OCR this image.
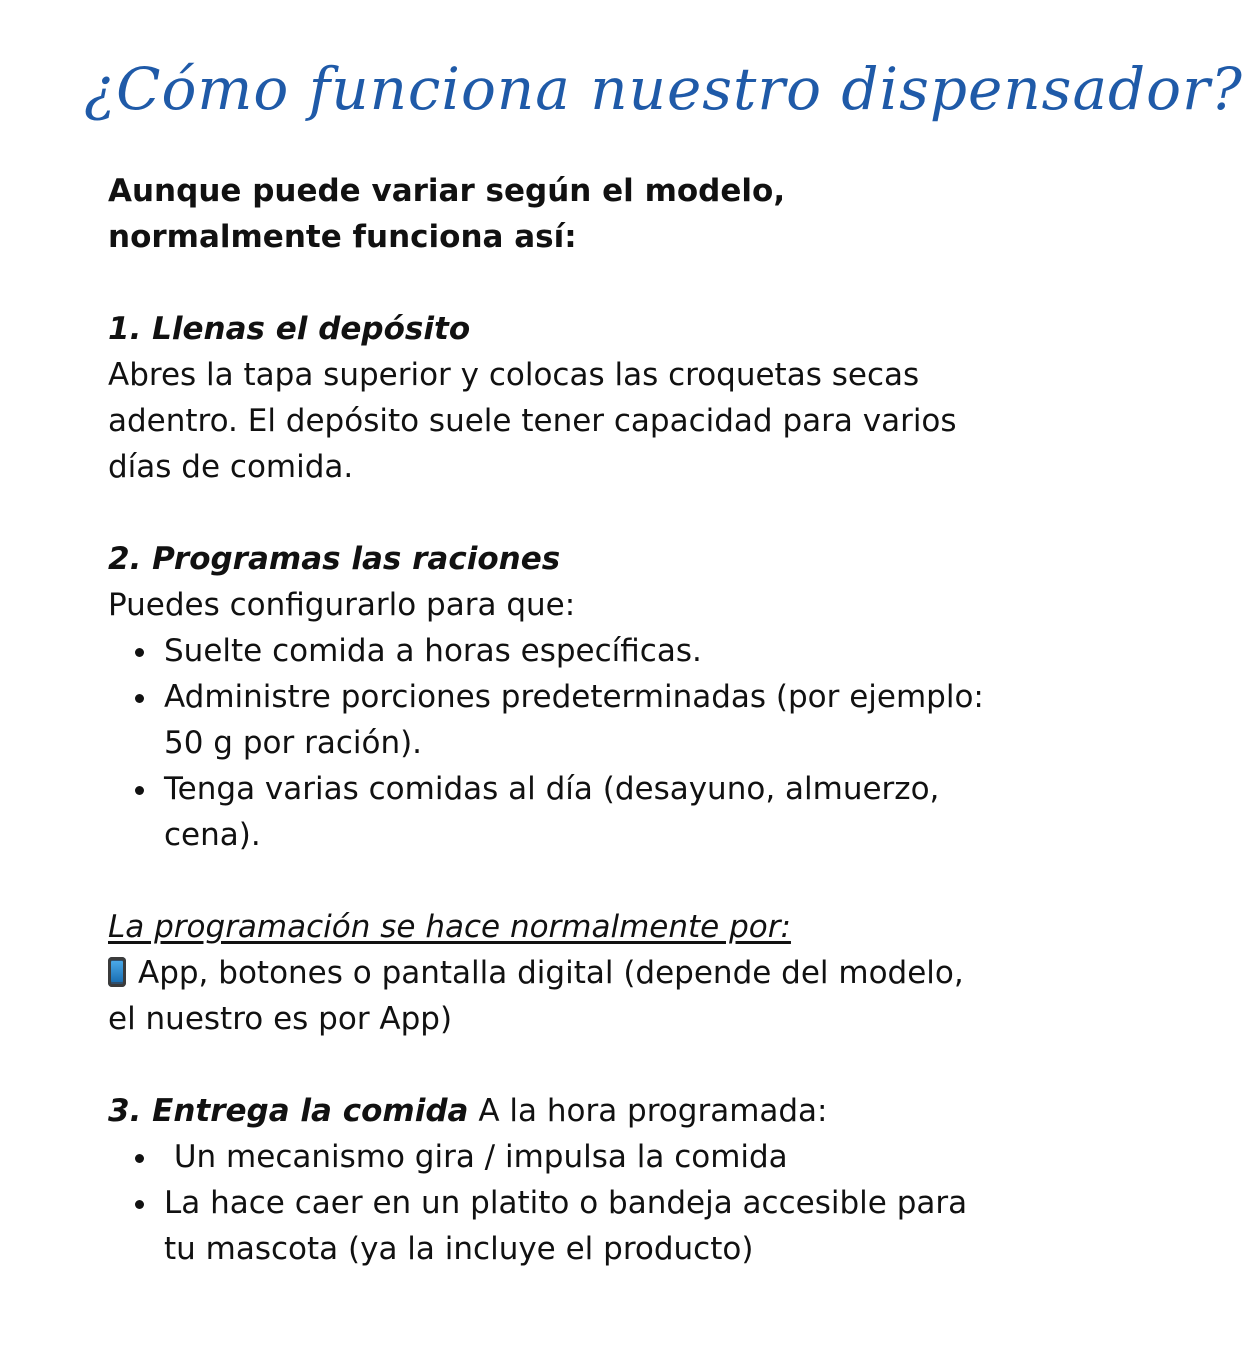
¿Cómo funciona nuestro dispensador?

Aunque puede variar según el modelo,
normalmente funciona así:

1. Llenas el depósito

Abres la tapa superior y colocas las croquetas secas adentro. El depósito suele tener capacidad para varios días de comida.

2. Programas las raciones
Puedes configurarlo para que:
Suelte comida a horas específicas.
Administre porciones predeterminadas (por ejemplo: 50 g por ración).
Tenga varias comidas al día (desayuno, almuerzo, cena).
La programación se hace normalmente por:
App, botones o pantalla digital (depende del modelo, el nuestro es por App)
3. Entrega la comida A la hora programada:
Un mecanismo gira / impulsa la comida
La hace caer en un platito o bandeja accesible para tu mascota (ya la incluye el producto)
